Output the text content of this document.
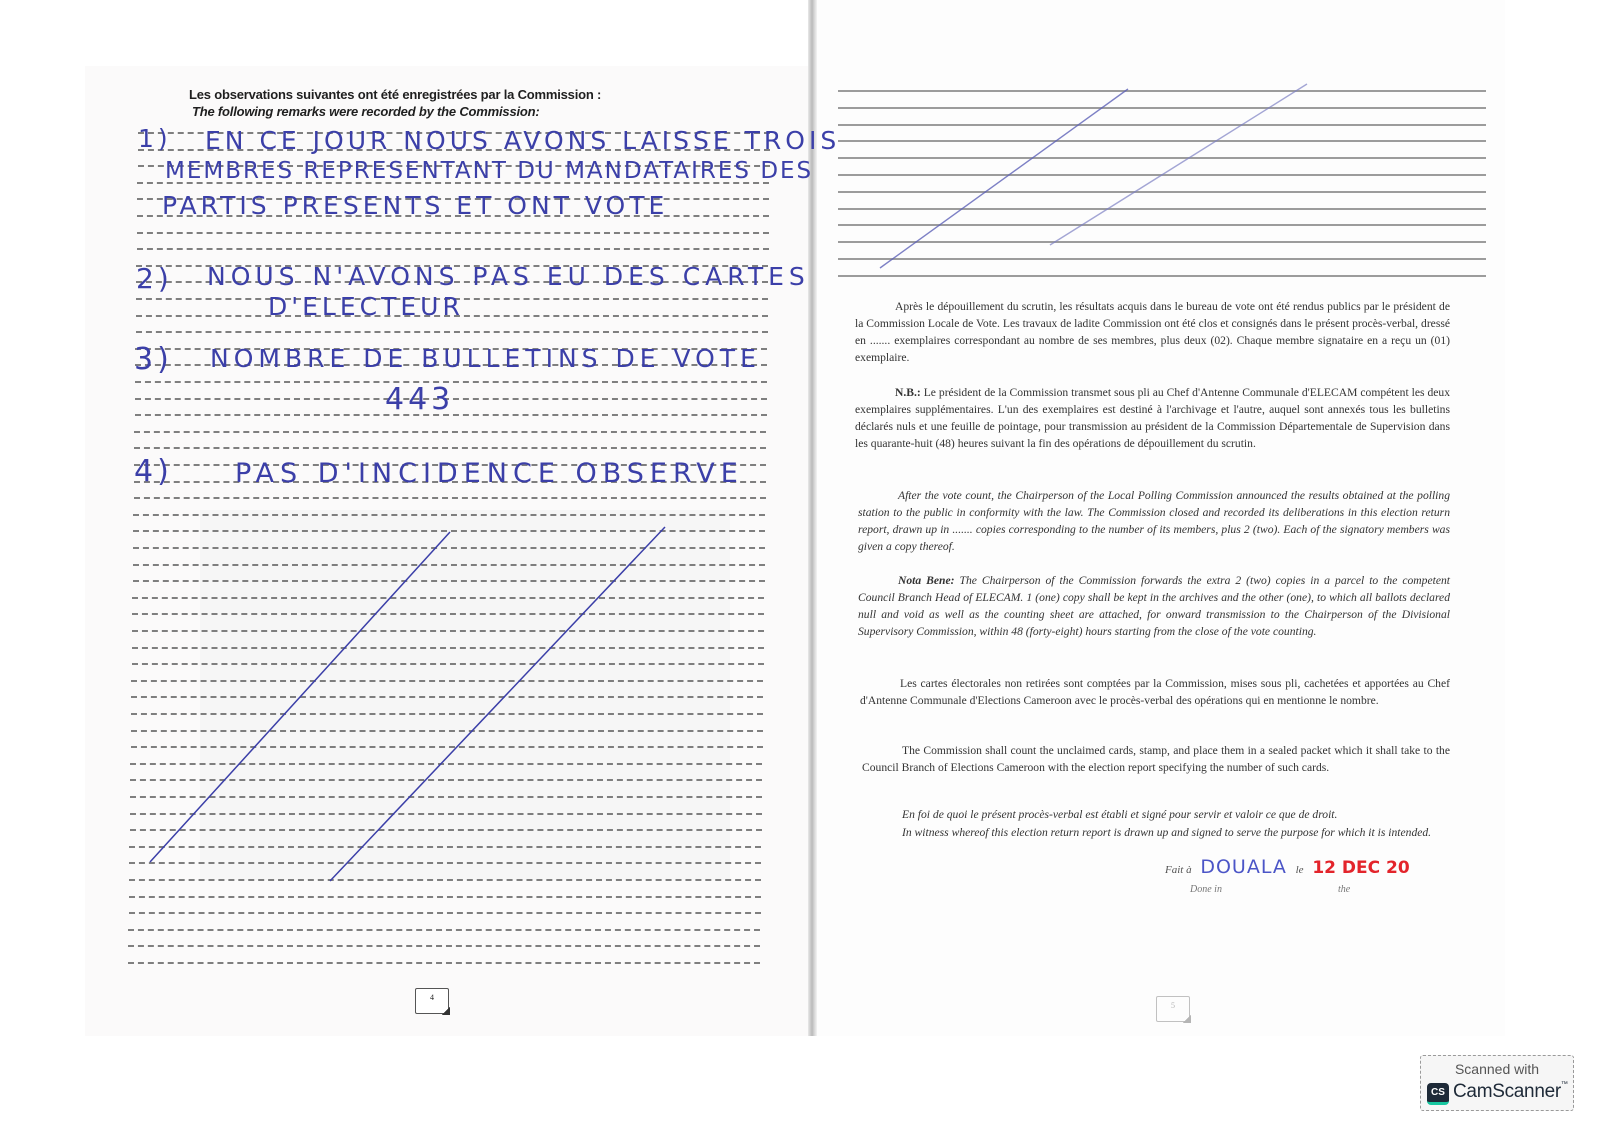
Les observations suivantes ont été enregistrées par la Commission :
The following remarks were recorded by the Commission:
1) EN CE JOUR NOUS AVONS LAISSE TROIS
MEMBRES REPRESENTANT DU MANDATAIRES DES
PARTIS PRESENTS ET ONT VOTE
2) NOUS N'AVONS PAS EU DES CARTES
D'ELECTEUR
3) NOMBRE DE BULLETINS DE VOTE
443
4) PAS D'INCIDENCE OBSERVE
Après le dépouillement du scrutin, les résultats acquis dans le bureau de vote ont été rendus publics par le président de la Commission Locale de Vote. Les travaux de ladite Commission ont été clos et consignés dans le présent procès-verbal, dressé en ....... exemplaires correspondant au nombre de ses membres, plus deux (02). Chaque membre signataire en a reçu un (01) exemplaire.
N.B.: Le président de la Commission transmet sous pli au Chef d'Antenne Communale d'ELECAM compétent les deux exemplaires supplémentaires. L'un des exemplaires est destiné à l'archivage et l'autre, auquel sont annexés tous les bulletins déclarés nuls et une feuille de pointage, pour transmission au président de la Commission Départementale de Supervision dans les quarante-huit (48) heures suivant la fin des opérations de dépouillement du scrutin.
After the vote count, the Chairperson of the Local Polling Commission announced the results obtained at the polling station to the public in conformity with the law. The Commission closed and recorded its deliberations in this election return report, drawn up in ....... copies corresponding to the number of its members, plus 2 (two). Each of the signatory members was given a copy thereof.
Nota Bene: The Chairperson of the Commission forwards the extra 2 (two) copies in a parcel to the competent Council Branch Head of ELECAM. 1 (one) copy shall be kept in the archives and the other (one), to which all ballots declared null and void as well as the counting sheet are attached, for onward transmission to the Chairperson of the Divisional Supervisory Commission, within 48 (forty-eight) hours starting from the close of the vote counting.
Les cartes électorales non retirées sont comptées par la Commission, mises sous pli, cachetées et apportées au Chef d'Antenne Communale d'Elections Cameroon avec le procès-verbal des opérations qui en mentionne le nombre.
The Commission shall count the unclaimed cards, stamp, and place them in a sealed packet which it shall take to the Council Branch of Elections Cameroon with the election report specifying the number of such cards.
En foi de quoi le présent procès-verbal est établi et signé pour servir et valoir ce que de droit.
In witness whereof this election return report is drawn up and signed to serve the purpose for which it is intended.
Fait à DOUALA le 12 DEC 20
Done in	the
4
5
Scanned with
CS CamScanner™
